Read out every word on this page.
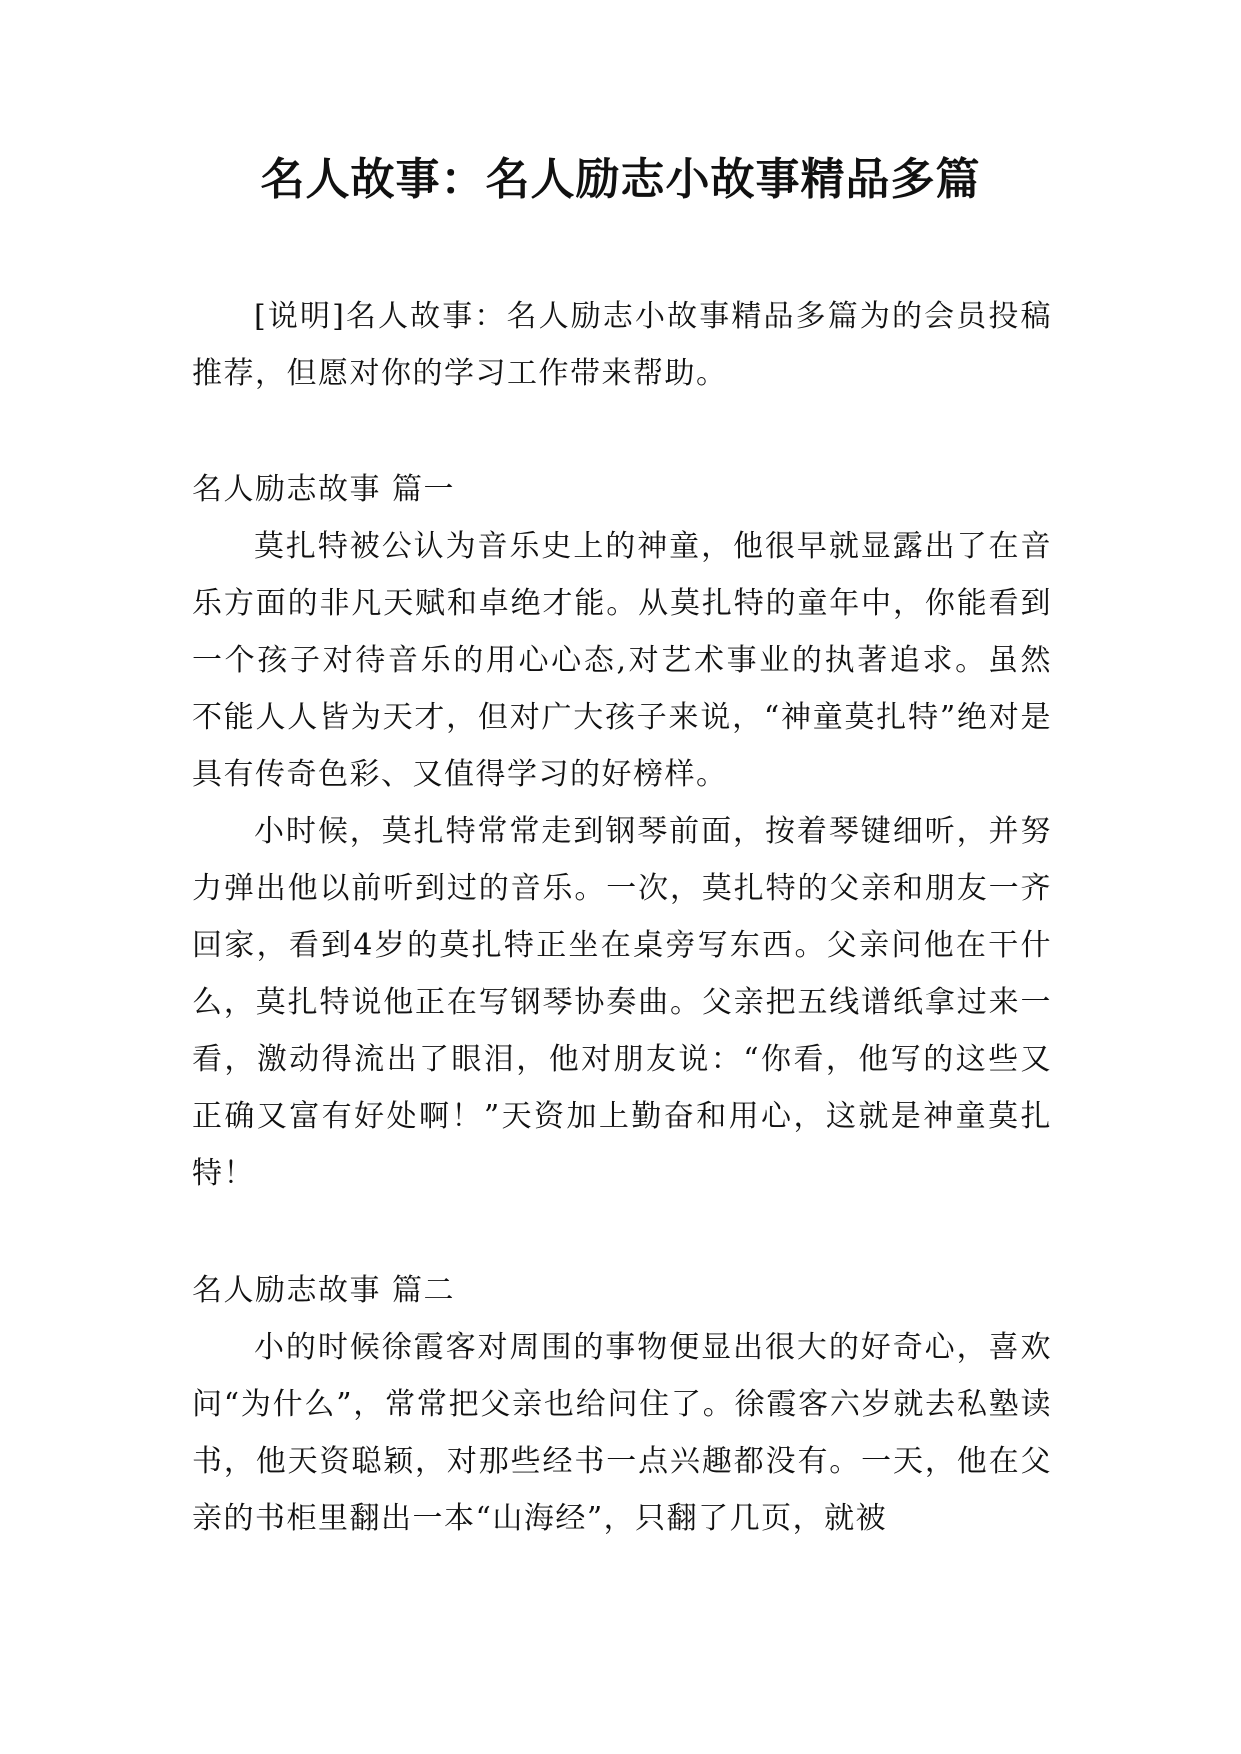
名人故事：名人励志小故事精品多篇

[说明]名人故事：名人励志小故事精品多篇为的会员投稿推荐，但愿对你的学习工作带来帮助。

名人励志故事 篇一

莫扎特被公认为音乐史上的神童，他很早就显露出了在音乐方面的非凡天赋和卓绝才能。从莫扎特的童年中，你能看到一个孩子对待音乐的用心心态,对艺术事业的执著追求。虽然不能人人皆为天才，但对广大孩子来说，“神童莫扎特”绝对是具有传奇色彩、又值得学习的好榜样。

小时候，莫扎特常常走到钢琴前面，按着琴键细听，并努力弹出他以前听到过的音乐。一次，莫扎特的父亲和朋友一齐回家，看到4岁的莫扎特正坐在桌旁写东西。父亲问他在干什么，莫扎特说他正在写钢琴协奏曲。父亲把五线谱纸拿过来一看，激动得流出了眼泪，他对朋友说：“你看，他写的这些又正确又富有好处啊！”天资加上勤奋和用心，这就是神童莫扎特！

名人励志故事 篇二

小的时候徐霞客对周围的事物便显出很大的好奇心，喜欢问“为什么”，常常把父亲也给问住了。徐霞客六岁就去私塾读书，他天资聪颖，对那些经书一点兴趣都没有。一天，他在父亲的书柜里翻出一本“山海经”，只翻了几页，就被
